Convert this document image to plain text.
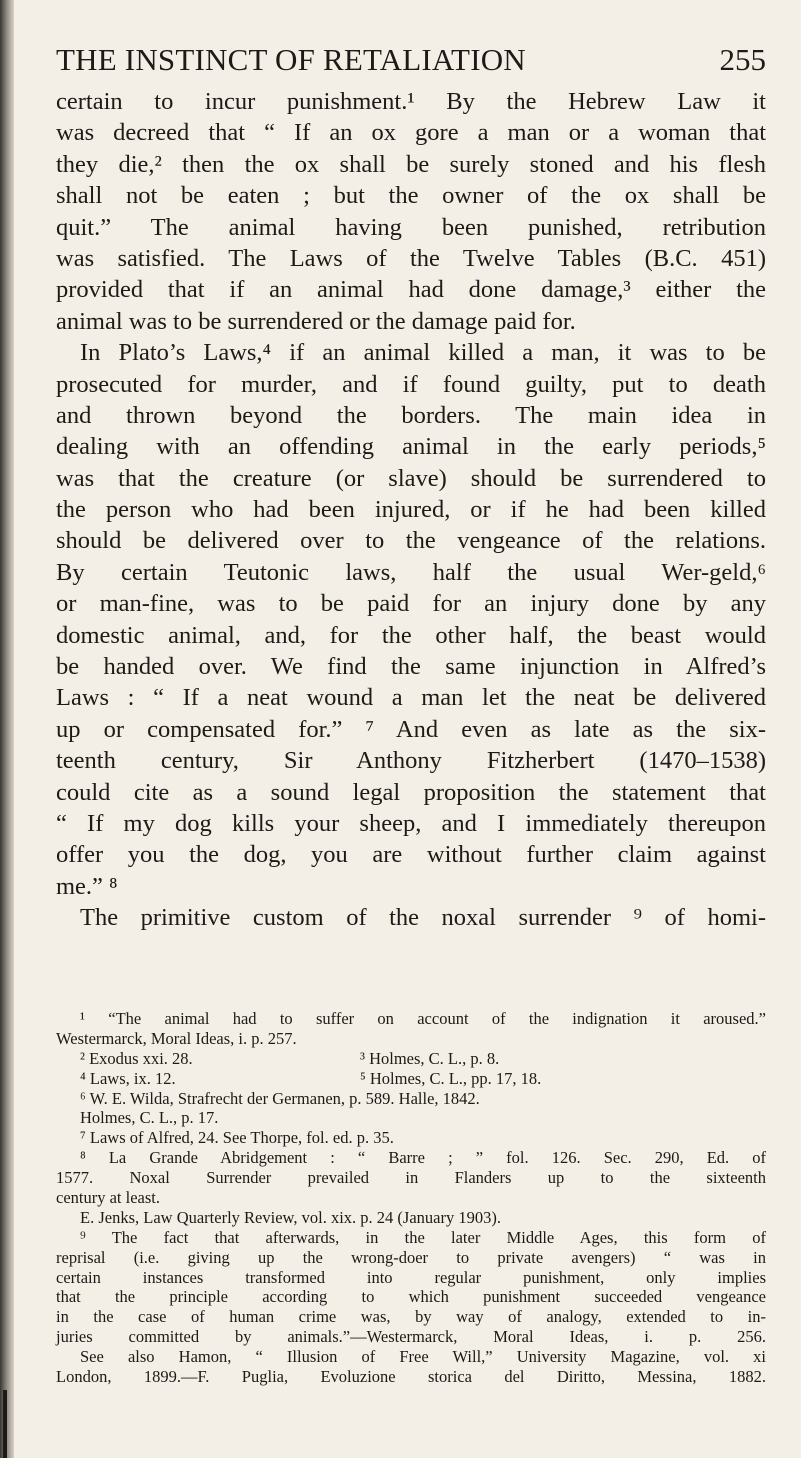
THE INSTINCT OF RETALIATION	255
certain to incur punishment.¹ By the Hebrew Law it
was decreed that “ If an ox gore a man or a woman that
they die,² then the ox shall be surely stoned and his flesh
shall not be eaten ; but the owner of the ox shall be
quit.” The animal having been punished, retribution
was satisfied. The Laws of the Twelve Tables (B.C. 451)
provided that if an animal had done damage,³ either the
animal was to be surrendered or the damage paid for.
In Plato’s Laws,⁴ if an animal killed a man, it was to be
prosecuted for murder, and if found guilty, put to death
and thrown beyond the borders. The main idea in
dealing with an offending animal in the early periods,⁵
was that the creature (or slave) should be surrendered to
the person who had been injured, or if he had been killed
should be delivered over to the vengeance of the relations.
By certain Teutonic laws, half the usual Wer-geld,⁶
or man-fine, was to be paid for an injury done by any
domestic animal, and, for the other half, the beast would
be handed over. We find the same injunction in Alfred’s
Laws : “ If a neat wound a man let the neat be delivered
up or compensated for.” ⁷ And even as late as the six-
teenth century, Sir Anthony Fitzherbert (1470–1538)
could cite as a sound legal proposition the statement that
“ If my dog kills your sheep, and I immediately thereupon
offer you the dog, you are without further claim against
me.” ⁸
The primitive custom of the noxal surrender ⁹ of homi-
¹ “The animal had to suffer on account of the indignation it aroused.”
Westermarck, Moral Ideas, i. p. 257.
² Exodus xxi. 28.	³ Holmes, C. L., p. 8.
⁴ Laws, ix. 12.	⁵ Holmes, C. L., pp. 17, 18.
⁶ W. E. Wilda, Strafrecht der Germanen, p. 589. Halle, 1842.
Holmes, C. L., p. 17.
⁷ Laws of Alfred, 24. See Thorpe, fol. ed. p. 35.
⁸ La Grande Abridgement : “ Barre ; ” fol. 126. Sec. 290, Ed. of
1577. Noxal Surrender prevailed in Flanders up to the sixteenth
century at least.
E. Jenks, Law Quarterly Review, vol. xix. p. 24 (January 1903).
⁹ The fact that afterwards, in the later Middle Ages, this form of
reprisal (i.e. giving up the wrong-doer to private avengers) “ was in
certain instances transformed into regular punishment, only implies
that the principle according to which punishment succeeded vengeance
in the case of human crime was, by way of analogy, extended to in-
juries committed by animals.”—Westermarck, Moral Ideas, i. p. 256.
See also Hamon, “ Illusion of Free Will,” University Magazine, vol. xi
London, 1899.—F. Puglia, Evoluzione storica del Diritto, Messina, 1882.
